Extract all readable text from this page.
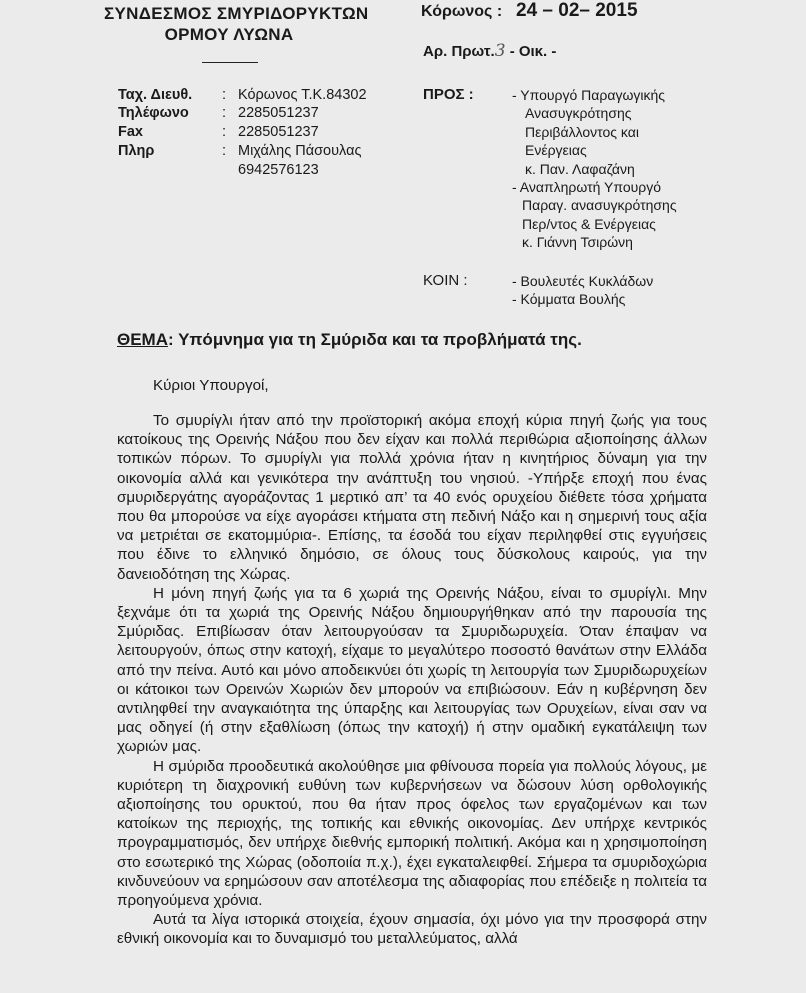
ΣΥΝΔΕΣΜΟΣ ΣΜΥΡΙΔΟΡΥΚΤΩΝ
ΟΡΜΟΥ ΛΥΩΝΑ
Κόρωνος : 24 – 02– 2015
Αρ. Πρωτ.3 - Οικ. -
Ταχ. Διευθ. : Κόρωνος Τ.Κ.84302
Τηλέφωνο : 2285051237
Fax	: 2285051237
Πληρ	: Μιχάλης Πάσουλας
6942576123
ΠΡΟΣ :	- Υπουργό Παραγωγικής
Ανασυγκρότησης
Περιβάλλοντος και
Ενέργειας
κ. Παν. Λαφαζάνη
- Αναπληρωτή Υπουργό
Παραγ. ανασυγκρότησης
Περ/ντος & Ενέργειας
κ. Γιάννη Τσιρώνη
ΚΟΙΝ :	- Βουλευτές Κυκλάδων
- Κόμματα Βουλής
ΘΕΜΑ: Υπόμνημα για τη Σμύριδα και τα προβλήματά της.
Κύριοι Υπουργοί,

Το σμυρίγλι ήταν από την προϊστορική ακόμα εποχή κύρια πηγή ζωής για τους κατοίκους της Ορεινής Νάξου που δεν είχαν και πολλά περιθώρια αξιοποίησης άλλων τοπικών πόρων. Το σμυρίγλι για πολλά χρόνια ήταν η κινητήριος δύναμη για την οικονομία αλλά και γενικότερα την ανάπτυξη του νησιού. -Υπήρξε εποχή που ένας σμυριδεργάτης αγοράζοντας 1 μερτικό απ’ τα 40 ενός ορυχείου διέθετε τόσα χρήματα που θα μπορούσε να είχε αγοράσει κτήματα στη πεδινή Νάξο και η σημερινή τους αξία να μετριέται σε εκατομμύρια-. Επίσης, τα έσοδά του είχαν περιληφθεί στις εγγυήσεις που έδινε το ελληνικό δημόσιο, σε όλους τους δύσκολους καιρούς, για την δανειοδότηση της Χώρας.

Η μόνη πηγή ζωής για τα 6 χωριά της Ορεινής Νάξου, είναι το σμυρίγλι. Μην ξεχνάμε ότι τα χωριά της Ορεινής Νάξου δημιουργήθηκαν από την παρουσία της Σμύριδας. Επιβίωσαν όταν λειτουργούσαν τα Σμυριδωρυχεία. Όταν έπαψαν να λειτουργούν, όπως στην κατοχή, είχαμε το μεγαλύτερο ποσοστό θανάτων στην Ελλάδα από την πείνα. Αυτό και μόνο αποδεικνύει ότι χωρίς τη λειτουργία των Σμυριδωρυχείων οι κάτοικοι των Ορεινών Χωριών δεν μπορούν να επιβιώσουν. Εάν η κυβέρνηση δεν αντιληφθεί την αναγκαιότητα της ύπαρξης και λειτουργίας των Ορυχείων, είναι σαν να μας οδηγεί (ή στην εξαθλίωση (όπως την κατοχή) ή στην ομαδική εγκατάλειψη των χωριών μας.

Η σμύριδα προοδευτικά ακολούθησε μια φθίνουσα πορεία για πολλούς λόγους, με κυριότερη τη διαχρονική ευθύνη των κυβερνήσεων να δώσουν λύση ορθολογικής αξιοποίησης του ορυκτού, που θα ήταν προς όφελος των εργαζομένων και των κατοίκων της περιοχής, της τοπικής και εθνικής οικονομίας. Δεν υπήρχε κεντρικός προγραμματισμός, δεν υπήρχε διεθνής εμπορική πολιτική. Ακόμα και η χρησιμοποίηση στο εσωτερικό της Χώρας (οδοποιία π.χ.), έχει εγκαταλειφθεί. Σήμερα τα σμυριδοχώρια κινδυνεύουν να ερημώσουν σαν αποτέλεσμα της αδιαφορίας που επέδειξε η πολιτεία τα προηγούμενα χρόνια.

Αυτά τα λίγα ιστορικά στοιχεία, έχουν σημασία, όχι μόνο για την προσφορά στην εθνική οικονομία και το δυναμισμό του μεταλλεύματος, αλλά
